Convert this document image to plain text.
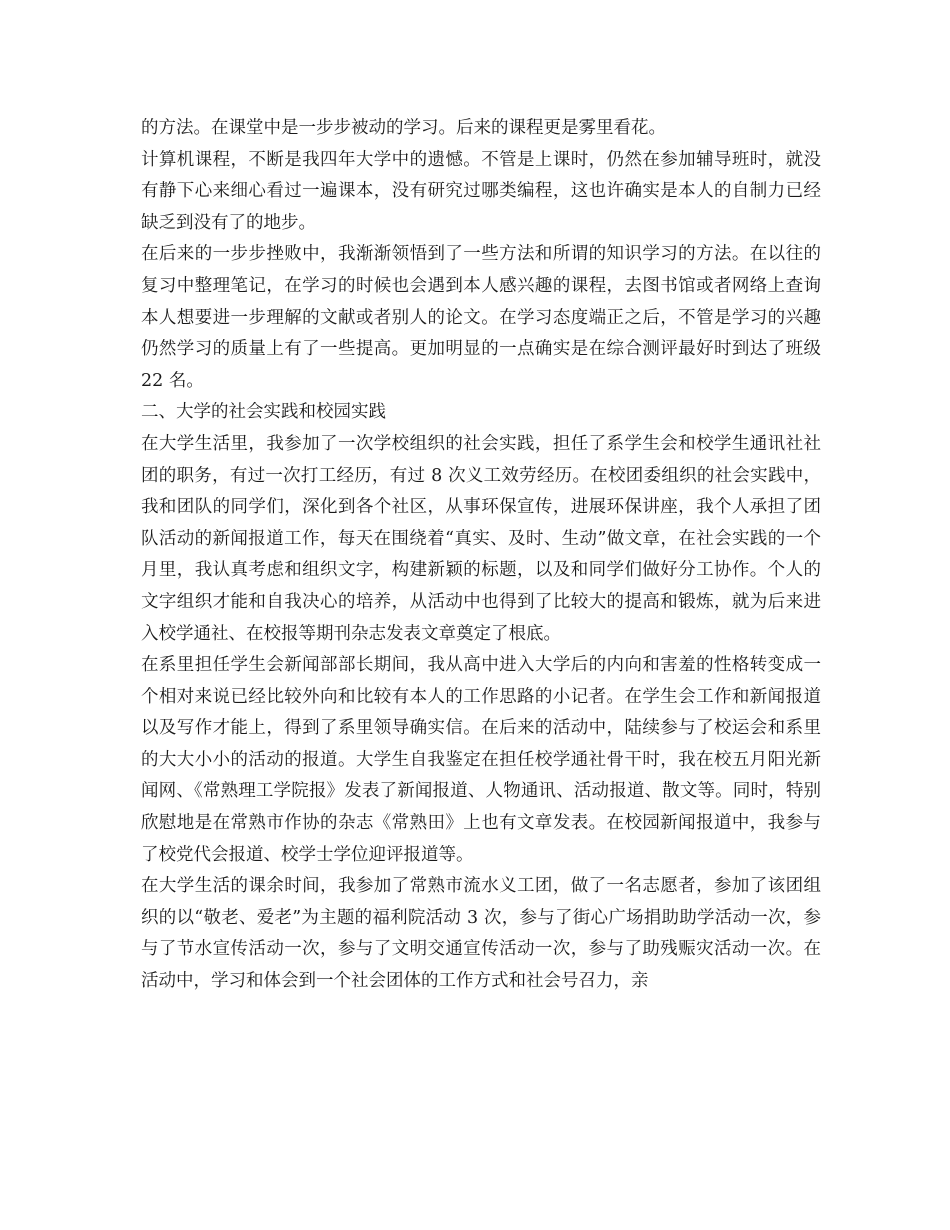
的方法。在课堂中是一步步被动的学习。后来的课程更是雾里看花。

计算机课程，不断是我四年大学中的遗憾。不管是上课时，仍然在参加辅导班时，就没有静下心来细心看过一遍课本，没有研究过哪类编程，这也许确实是本人的自制力已经缺乏到没有了的地步。

在后来的一步步挫败中，我渐渐领悟到了一些方法和所谓的知识学习的方法。在以往的复习中整理笔记，在学习的时候也会遇到本人感兴趣的课程，去图书馆或者网络上查询本人想要进一步理解的文献或者别人的论文。在学习态度端正之后，不管是学习的兴趣仍然学习的质量上有了一些提高。更加明显的一点确实是在综合测评最好时到达了班级 22 名。

二、大学的社会实践和校园实践

在大学生活里，我参加了一次学校组织的社会实践，担任了系学生会和校学生通讯社社团的职务，有过一次打工经历，有过 8 次义工效劳经历。在校团委组织的社会实践中，我和团队的同学们，深化到各个社区，从事环保宣传，进展环保讲座，我个人承担了团队活动的新闻报道工作，每天在围绕着“真实、及时、生动”做文章，在社会实践的一个月里，我认真考虑和组织文字，构建新颖的标题，以及和同学们做好分工协作。个人的文字组织才能和自我决心的培养，从活动中也得到了比较大的提高和锻炼，就为后来进入校学通社、在校报等期刊杂志发表文章奠定了根底。

在系里担任学生会新闻部部长期间，我从高中进入大学后的内向和害羞的性格转变成一个相对来说已经比较外向和比较有本人的工作思路的小记者。在学生会工作和新闻报道以及写作才能上，得到了系里领导确实信。在后来的活动中，陆续参与了校运会和系里的大大小小的活动的报道。大学生自我鉴定在担任校学通社骨干时，我在校五月阳光新闻网、《常熟理工学院报》发表了新闻报道、人物通讯、活动报道、散文等。同时，特别欣慰地是在常熟市作协的杂志《常熟田》上也有文章发表。在校园新闻报道中，我参与了校党代会报道、校学士学位迎评报道等。

在大学生活的课余时间，我参加了常熟市流水义工团，做了一名志愿者，参加了该团组织的以“敬老、爱老”为主题的福利院活动 3 次，参与了街心广场捐助助学活动一次，参与了节水宣传活动一次，参与了文明交通宣传活动一次，参与了助残赈灾活动一次。在活动中，学习和体会到一个社会团体的工作方式和社会号召力，亲
